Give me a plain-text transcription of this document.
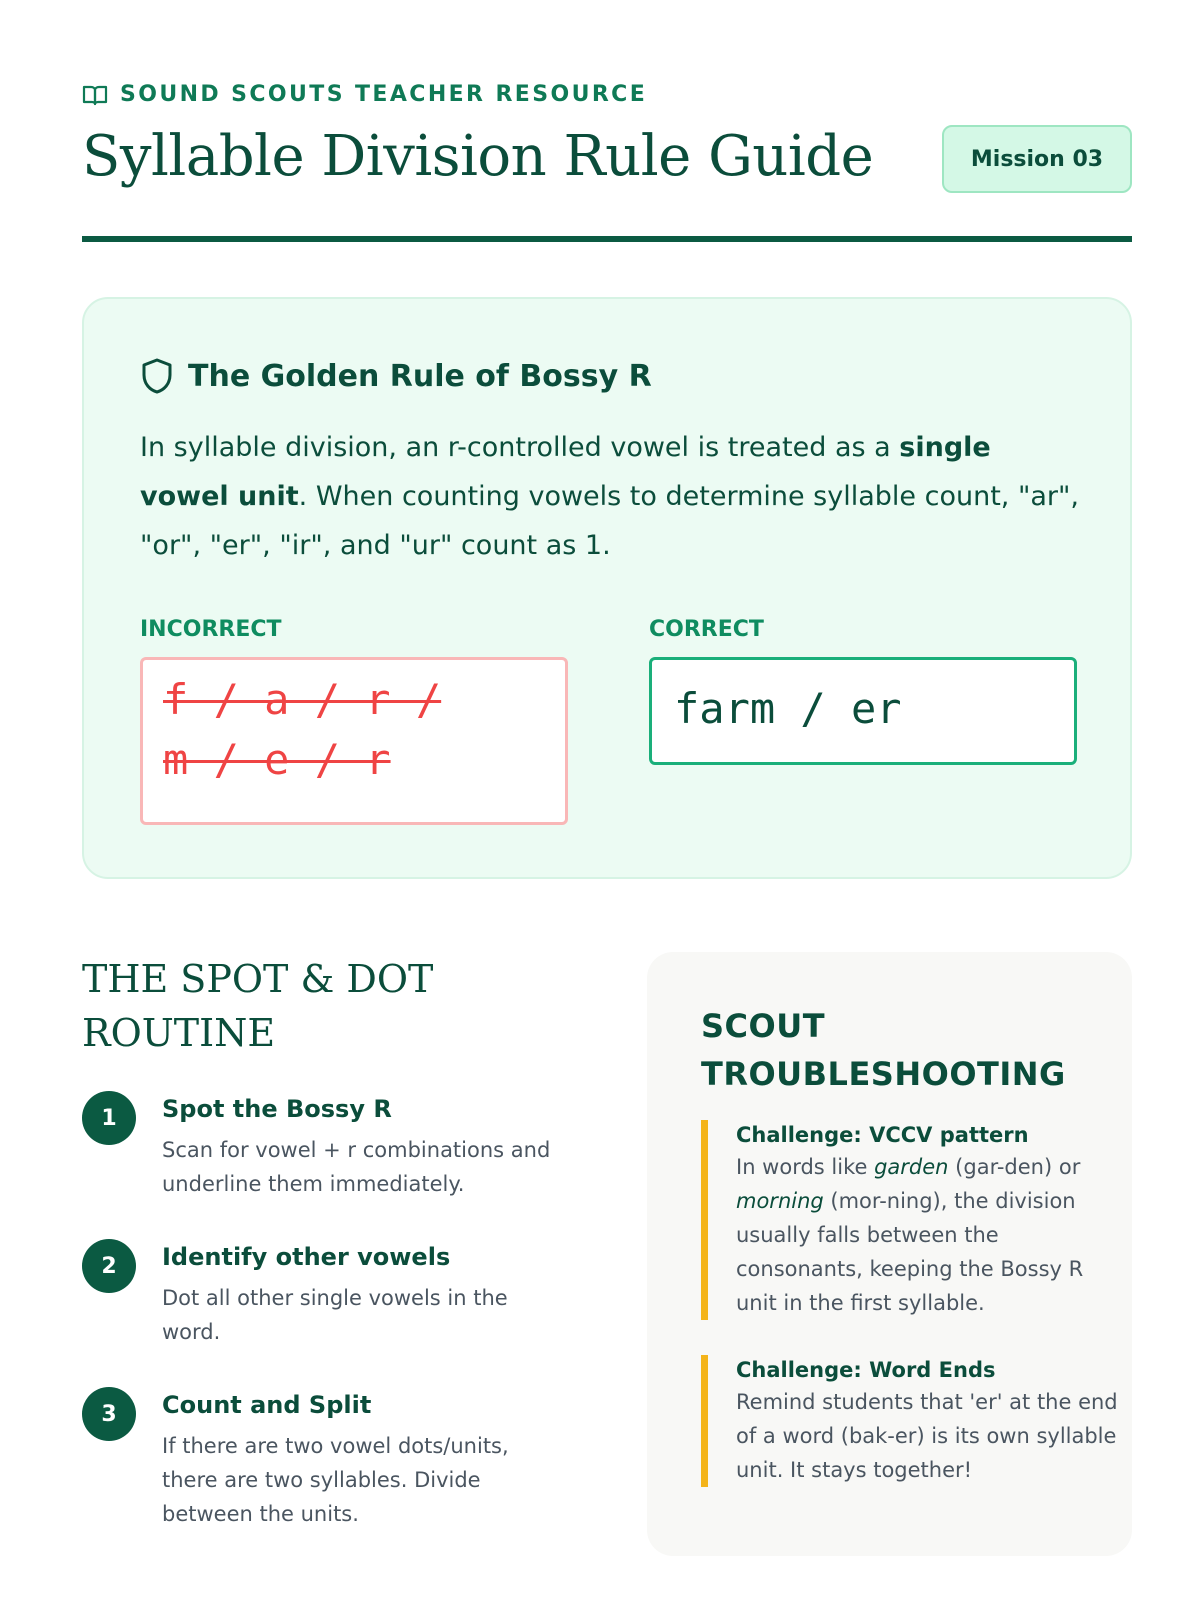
SOUND SCOUTS TEACHER RESOURCE
Syllable Division Rule Guide	Mission 03
The Golden Rule of Bossy R

In syllable division, an r-controlled vowel is treated as a single vowel unit. When counting vowels to determine syllable count, "ar", "or", "er", "ir", and "ur" count as 1.

INCORRECT
f / a / r /
m / e / r
CORRECT
farm / er
THE SPOT & DOT ROUTINE
1	Spot the Bossy R
Scan for vowel + r combinations and underline them immediately.
2	Identify other vowels
Dot all other single vowels in the word.
3	Count and Split
If there are two vowel dots/units, there are two syllables. Divide between the units.
SCOUT TROUBLESHOOTING
Challenge: VCCV pattern
In words like garden (gar-den) or morning (mor-ning), the division usually falls between the consonants, keeping the Bossy R unit in the first syllable.
Challenge: Word Ends
Remind students that 'er' at the end of a word (bak-er) is its own syllable unit. It stays together!
